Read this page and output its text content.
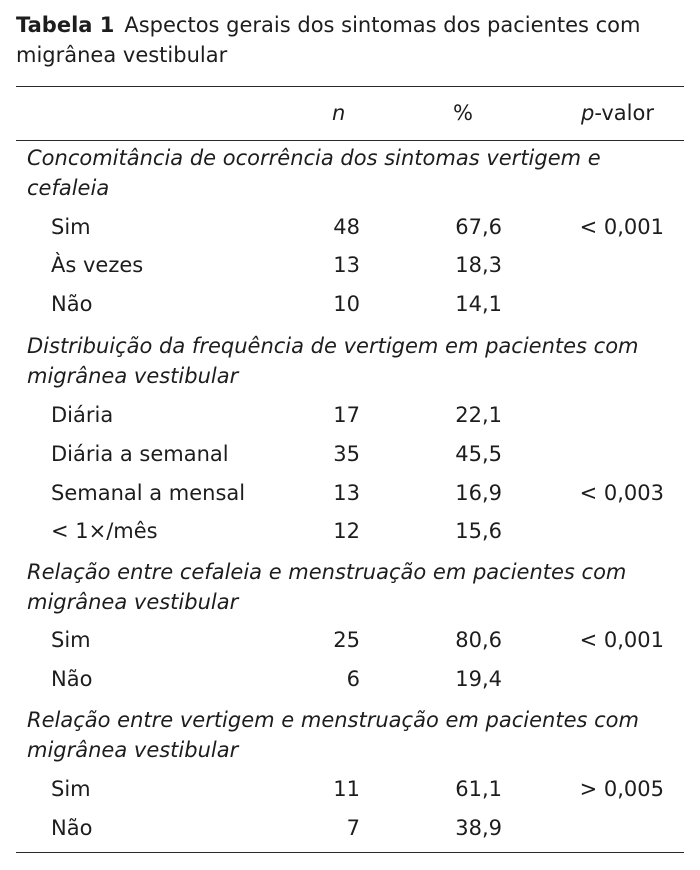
Tabela 1 Aspectos gerais dos sintomas dos pacientes com migrânea vestibular
n	%	p-valor
Concomitância de ocorrência dos sintomas vertigem e cefaleia
Sim	48	67,6	< 0,001
Às vezes	13	18,3
Não	10	14,1
Distribuição da frequência de vertigem em pacientes com migrânea vestibular
Diária	17	22,1
Diária a semanal	35	45,5
Semanal a mensal	13	16,9	< 0,003
< 1×/mês	12	15,6
Relação entre cefaleia e menstruação em pacientes com migrânea vestibular
Sim	25	80,6	< 0,001
Não	6	19,4
Relação entre vertigem e menstruação em pacientes com migrânea vestibular
Sim	11	61,1	> 0,005
Não	7	38,9
